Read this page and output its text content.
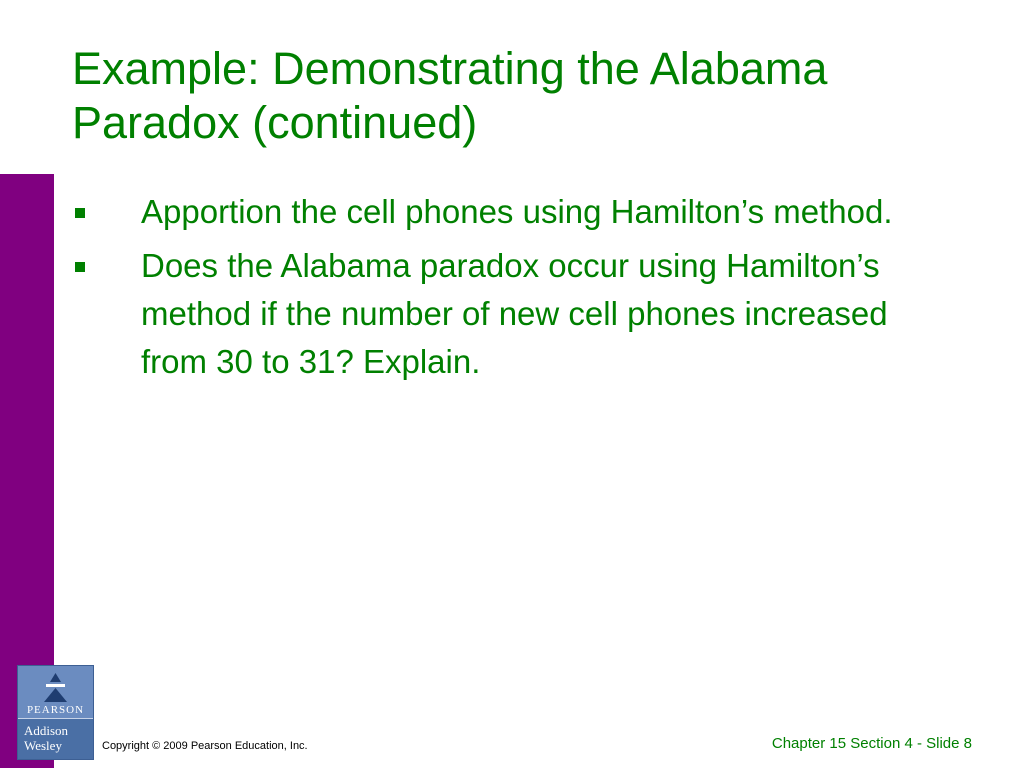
Example: Demonstrating the Alabama
Paradox (continued)
Apportion the cell phones using Hamilton’s method.
Does the Alabama paradox occur using Hamilton’s method if the number of new cell phones increased from 30 to 31? Explain.
PEARSON
Addison
Wesley	Copyright © 2009 Pearson Education, Inc.	Chapter 15 Section 4 - Slide 8
